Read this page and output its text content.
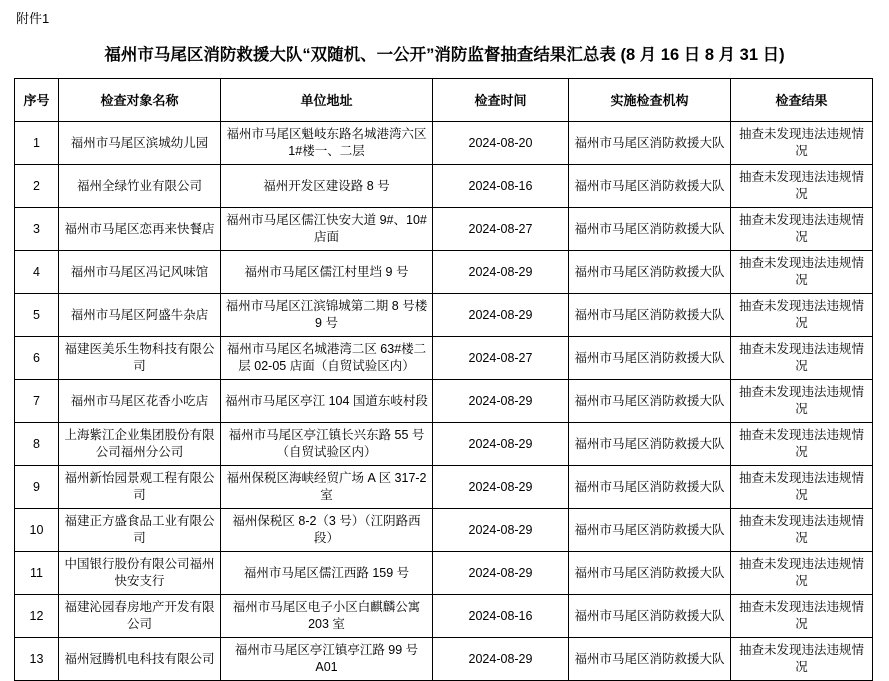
附件1
福州市马尾区消防救援大队“双随机、一公开”消防监督抽查结果汇总表 (8 月 16 日 8 月 31 日)
序号	检查对象名称	单位地址	检查时间	实施检查机构	检查结果
1	福州市马尾区滨城幼儿园	福州市马尾区魁岐东路名城港湾六区1#楼一、二层	2024-08-20	福州市马尾区消防救援大队	抽查未发现违法违规情况
2	福州全绿竹业有限公司	福州开发区建设路 8 号	2024-08-16	福州市马尾区消防救援大队	抽查未发现违法违规情况
3	福州市马尾区恋再来快餐店	福州市马尾区儒江快安大道 9#、10# 店面	2024-08-27	福州市马尾区消防救援大队	抽查未发现违法违规情况
4	福州市马尾区冯记风味馆	福州市马尾区儒江村里垱 9 号	2024-08-29	福州市马尾区消防救援大队	抽查未发现违法违规情况
5	福州市马尾区阿盛牛杂店	福州市马尾区江滨锦城第二期 8 号楼 9 号	2024-08-29	福州市马尾区消防救援大队	抽查未发现违法违规情况
6	福建医美乐生物科技有限公司	福州市马尾区名城港湾二区 63#楼二层 02-05 店面（自贸试验区内）	2024-08-27	福州市马尾区消防救援大队	抽查未发现违法违规情况
7	福州市马尾区花香小吃店	福州市马尾区亭江 104 国道东岐村段	2024-08-29	福州市马尾区消防救援大队	抽查未发现违法违规情况
8	上海紫江企业集团股份有限公司福州分公司	福州市马尾区亭江镇长兴东路 55 号（自贸试验区内）	2024-08-29	福州市马尾区消防救援大队	抽查未发现违法违规情况
9	福州新怡园景观工程有限公司	福州保税区海峡经贸广场 A 区 317-2 室	2024-08-29	福州市马尾区消防救援大队	抽查未发现违法违规情况
10	福建正方盛食品工业有限公司	福州保税区 8-2（3 号）（江阴路西段）	2024-08-29	福州市马尾区消防救援大队	抽查未发现违法违规情况
11	中国银行股份有限公司福州快安支行	福州市马尾区儒江西路 159 号	2024-08-29	福州市马尾区消防救援大队	抽查未发现违法违规情况
12	福建沁园春房地产开发有限公司	福州市马尾区电子小区白麒麟公寓 203 室	2024-08-16	福州市马尾区消防救援大队	抽查未发现违法违规情况
13	福州冠腾机电科技有限公司	福州市马尾区亭江镇亭江路 99 号 A01	2024-08-29	福州市马尾区消防救援大队	抽查未发现违法违规情况
